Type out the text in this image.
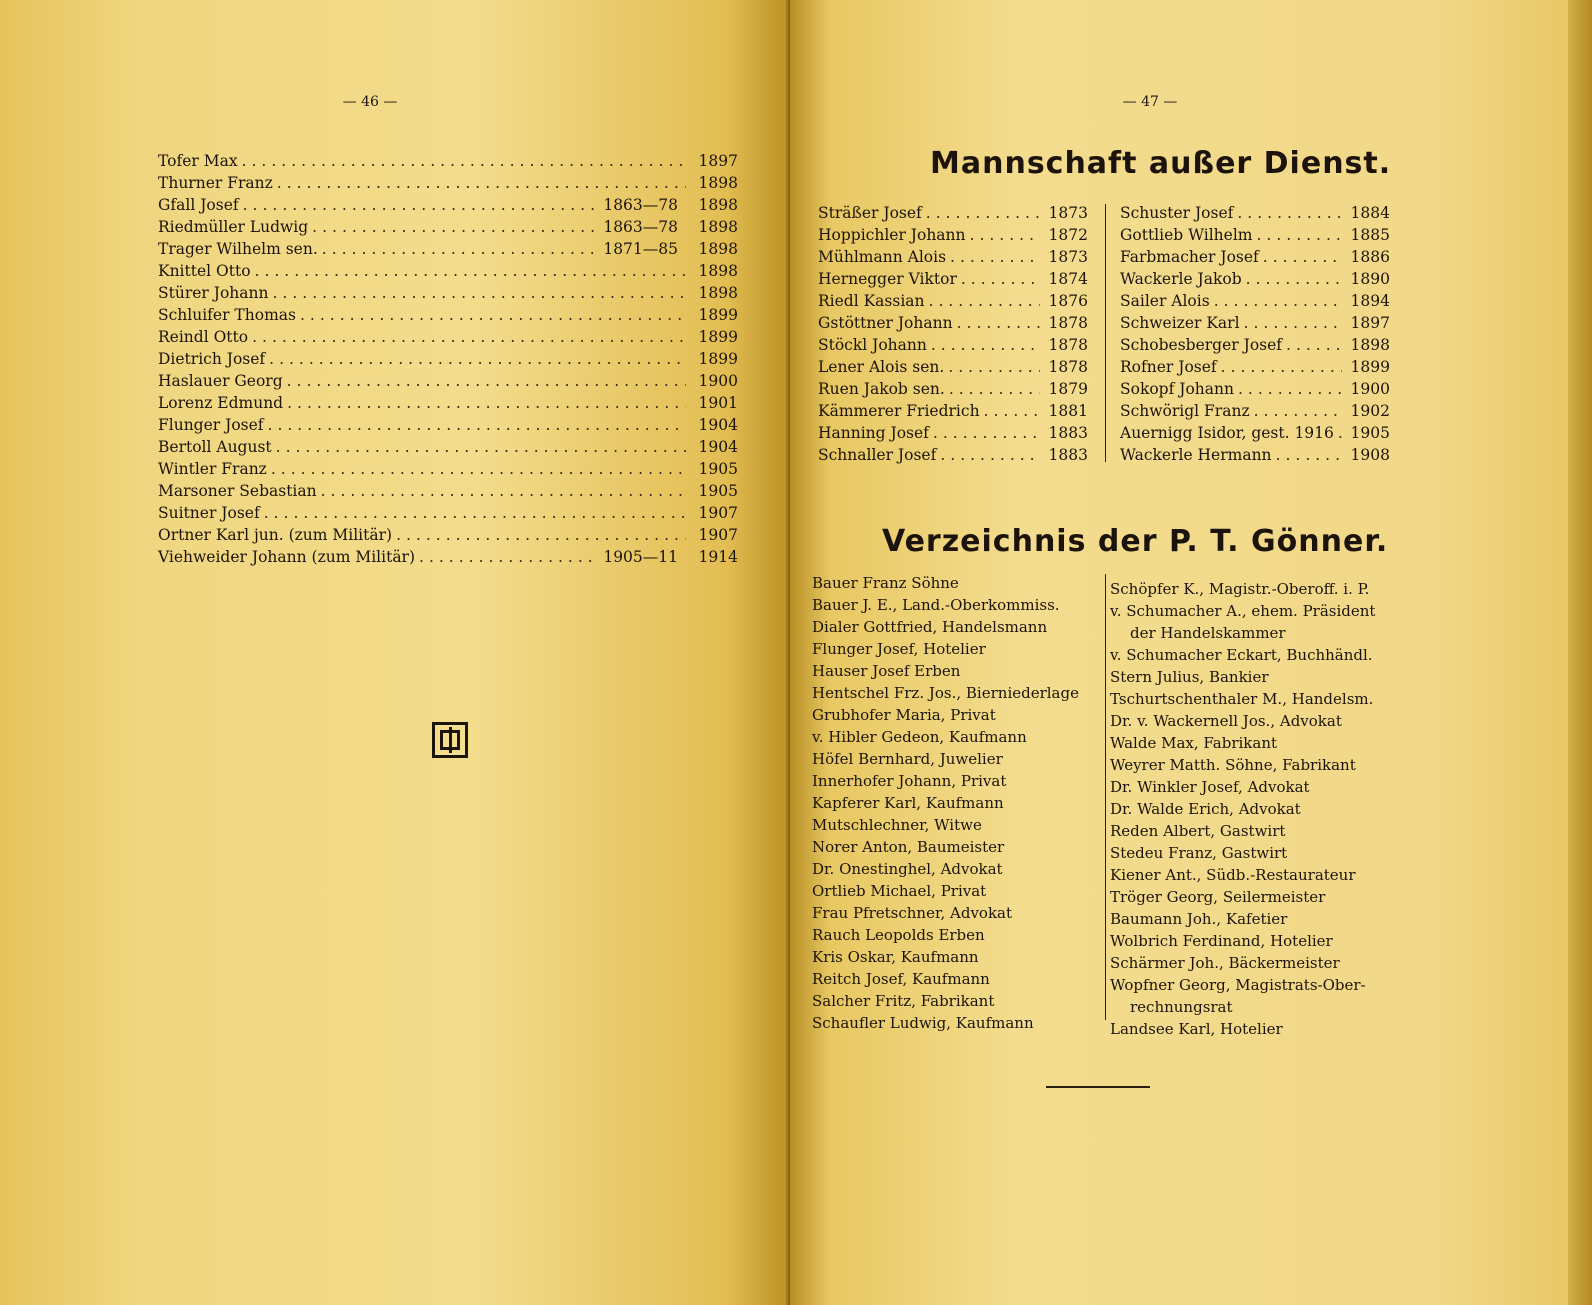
— 46 —
Tofer Max .....	1897
Thurner Franz .....	1898
Gfall Josef .....	1863—78	1898
Riedmüller Ludwig .....	1863—78	1898
Trager Wilhelm sen. .....	1871—85	1898
Knittel Otto .....	1898
Stürer Johann .....	1898
Schluifer Thomas .....	1899
Reindl Otto .....	1899
Dietrich Josef .....	1899
Haslauer Georg .....	1900
Lorenz Edmund .....	1901
Flunger Josef .....	1904
Bertoll August .....	1904
Wintler Franz .....	1905
Marsoner Sebastian .....	1905
Suitner Josef .....	1907
Ortner Karl jun. (zum Militär) .....	1907
Viehweider Johann (zum Militär) .....	1905—11	1914
— 47 —
Mannschaft außer Dienst.
Sträßer Josef .....	1873
Hoppichler Johann .....	1872
Mühlmann Alois .....	1873
Hernegger Viktor .....	1874
Riedl Kassian .....	1876
Gstöttner Johann .....	1878
Stöckl Johann .....	1878
Lener Alois sen. .....	1878
Ruen Jakob sen. .....	1879
Kämmerer Friedrich .....	1881
Hanning Josef .....	1883
Schnaller Josef .....	1883
Schuster Josef .....	1884
Gottlieb Wilhelm .....	1885
Farbmacher Josef .....	1886
Wackerle Jakob .....	1890
Sailer Alois .....	1894
Schweizer Karl .....	1897
Schobesberger Josef .....	1898
Rofner Josef .....	1899
Sokopf Johann .....	1900
Schwörigl Franz .....	1902
Auernigg Isidor, gest. 1916 ..... 1905
Wackerle Hermann .....	1908
Verzeichnis der P. T. Gönner.
Bauer Franz Söhne
Bauer J. E., Land.-Oberkommiss.
Dialer Gottfried, Handelsmann
Flunger Josef, Hotelier
Hauser Josef Erben
Hentschel Frz. Jos., Bierniederlage
Grubhofer Maria, Privat
v. Hibler Gedeon, Kaufmann
Höfel Bernhard, Juwelier
Innerhofer Johann, Privat
Kapferer Karl, Kaufmann
Mutschlechner, Witwe
Norer Anton, Baumeister
Dr. Onestinghel, Advokat
Ortlieb Michael, Privat
Frau Pfretschner, Advokat
Rauch Leopolds Erben
Kris Oskar, Kaufmann
Reitch Josef, Kaufmann
Salcher Fritz, Fabrikant
Schaufler Ludwig, Kaufmann
Schöpfer K., Magistr.-Oberoff. i. P.
v. Schumacher A., ehem. Präsident
der Handelskammer
v. Schumacher Eckart, Buchhändl.
Stern Julius, Bankier
Tschurtschenthaler M., Handelsm.
Dr. v. Wackernell Jos., Advokat
Walde Max, Fabrikant
Weyrer Matth. Söhne, Fabrikant
Dr. Winkler Josef, Advokat
Dr. Walde Erich, Advokat
Reden Albert, Gastwirt
Stedeu Franz, Gastwirt
Kiener Ant., Südb.-Restaurateur
Tröger Georg, Seilermeister
Baumann Joh., Kafetier
Wolbrich Ferdinand, Hotelier
Schärmer Joh., Bäckermeister
Wopfner Georg, Magistrats-Ober-
rechnungsrat
Landsee Karl, Hotelier
